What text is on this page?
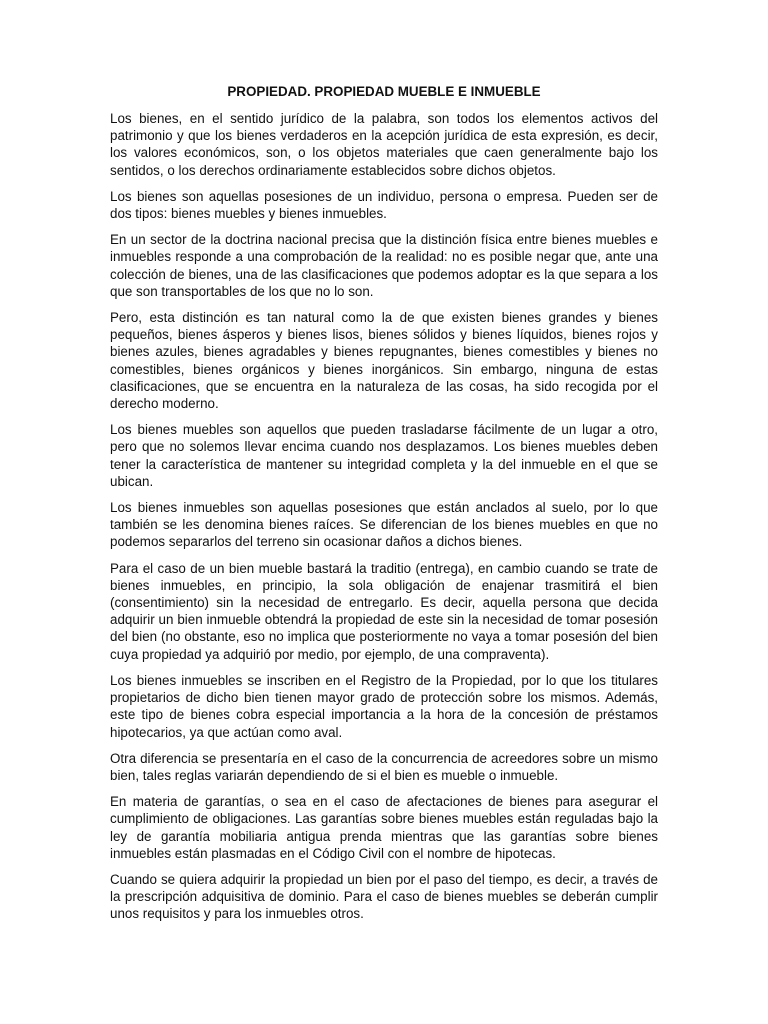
PROPIEDAD. PROPIEDAD MUEBLE E INMUEBLE

Los bienes, en el sentido jurídico de la palabra, son todos los elementos activos del patrimonio y que los bienes verdaderos en la acepción jurídica de esta expresión, es decir, los valores económicos, son, o los objetos materiales que caen generalmente bajo los sentidos, o los derechos ordinariamente establecidos sobre dichos objetos.

Los bienes son aquellas posesiones de un individuo, persona o empresa. Pueden ser de dos tipos: bienes muebles y bienes inmuebles.

En un sector de la doctrina nacional precisa que la distinción física entre bienes muebles e inmuebles responde a una comprobación de la realidad: no es posible negar que, ante una colección de bienes, una de las clasificaciones que podemos adoptar es la que separa a los que son transportables de los que no lo son.

Pero, esta distinción es tan natural como la de que existen bienes grandes y bienes pequeños, bienes ásperos y bienes lisos, bienes sólidos y bienes líquidos, bienes rojos y bienes azules, bienes agradables y bienes repugnantes, bienes comestibles y bienes no comestibles, bienes orgánicos y bienes inorgánicos. Sin embargo, ninguna de estas clasificaciones, que se encuentra en la naturaleza de las cosas, ha sido recogida por el derecho moderno.

Los bienes muebles son aquellos que pueden trasladarse fácilmente de un lugar a otro, pero que no solemos llevar encima cuando nos desplazamos. Los bienes muebles deben tener la característica de mantener su integridad completa y la del inmueble en el que se ubican.

Los bienes inmuebles son aquellas posesiones que están anclados al suelo, por lo que también se les denomina bienes raíces. Se diferencian de los bienes muebles en que no podemos separarlos del terreno sin ocasionar daños a dichos bienes.

Para el caso de un bien mueble bastará la traditio (entrega), en cambio cuando se trate de bienes inmuebles, en principio, la sola obligación de enajenar trasmitirá el bien (consentimiento) sin la necesidad de entregarlo. Es decir, aquella persona que decida adquirir un bien inmueble obtendrá la propiedad de este sin la necesidad de tomar posesión del bien (no obstante, eso no implica que posteriormente no vaya a tomar posesión del bien cuya propiedad ya adquirió por medio, por ejemplo, de una compraventa).

Los bienes inmuebles se inscriben en el Registro de la Propiedad, por lo que los titulares propietarios de dicho bien tienen mayor grado de protección sobre los mismos. Además, este tipo de bienes cobra especial importancia a la hora de la concesión de préstamos hipotecarios, ya que actúan como aval.

Otra diferencia se presentaría en el caso de la concurrencia de acreedores sobre un mismo bien, tales reglas variarán dependiendo de si el bien es mueble o inmueble.

En materia de garantías, o sea en el caso de afectaciones de bienes para asegurar el cumplimiento de obligaciones. Las garantías sobre bienes muebles están reguladas bajo la ley de garantía mobiliaria antigua prenda mientras que las garantías sobre bienes inmuebles están plasmadas en el Código Civil con el nombre de hipotecas.

Cuando se quiera adquirir la propiedad un bien por el paso del tiempo, es decir, a través de la prescripción adquisitiva de dominio. Para el caso de bienes muebles se deberán cumplir unos requisitos y para los inmuebles otros.
